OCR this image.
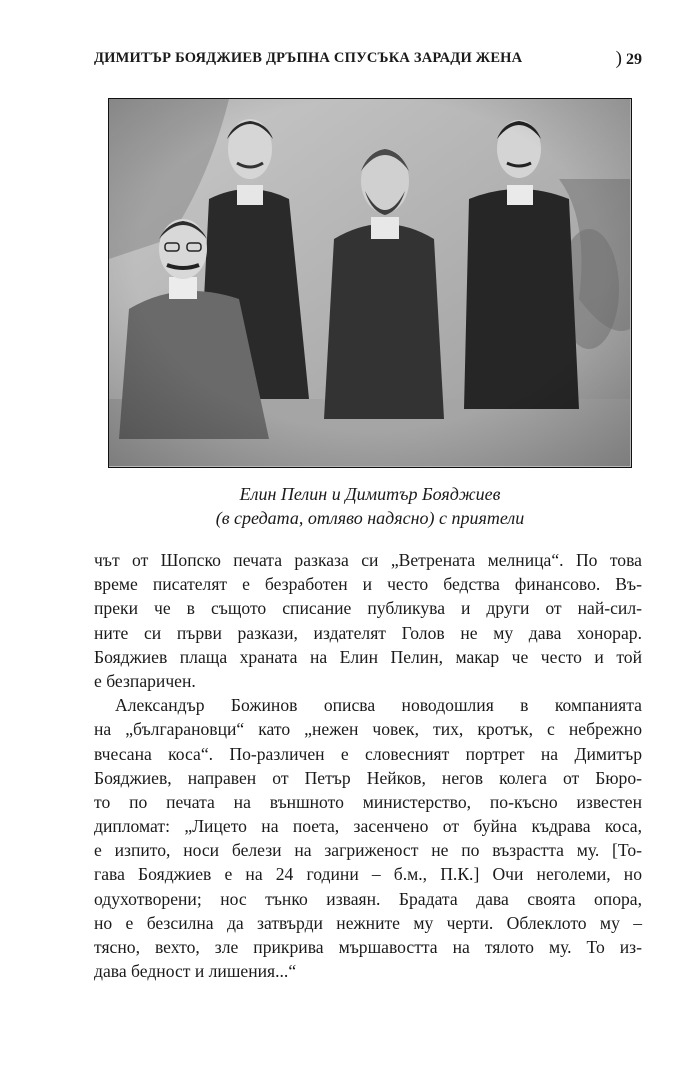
ДИМИТЪР БОЯДЖИЕВ ДРЪПНА СПУСЪКА ЗАРАДИ ЖЕНА	) 29
Елин Пелин и Димитър Бояджиев
(в средата, отляво надясно) с приятели
чът от Шопско печата разказа си „Ветрената мелница“. По това
време писателят е безработен и често бедства финансово. Въ-
преки че в същото списание публикува и други от най-сил-
ните си първи разкази, издателят Голов не му дава хонорар.
Бояджиев плаща храната на Елин Пелин, макар че често и той
е безпаричен.
Александър Божинов описва новодошлия в компанията
на „българановци“ като „нежен човек, тих, кротък, с небрежно
вчесана коса“. По-различен е словесният портрет на Димитър
Бояджиев, направен от Петър Нейков, негов колега от Бюро-
то по печата на външното министерство, по-късно известен
дипломат: „Лицето на поета, засенчено от буйна къдрава коса,
е изпито, носи белези на загриженост не по възрастта му. [То-
гава Бояджиев е на 24 години – б.м., П.К.] Очи неголеми, но
одухотворени; нос тънко изваян. Брадата дава своята опора,
но е безсилна да затвърди нежните му черти. Облеклото му –
тясно, вехто, зле прикрива мършавостта на тялото му. То из-
дава бедност и лишения...“
